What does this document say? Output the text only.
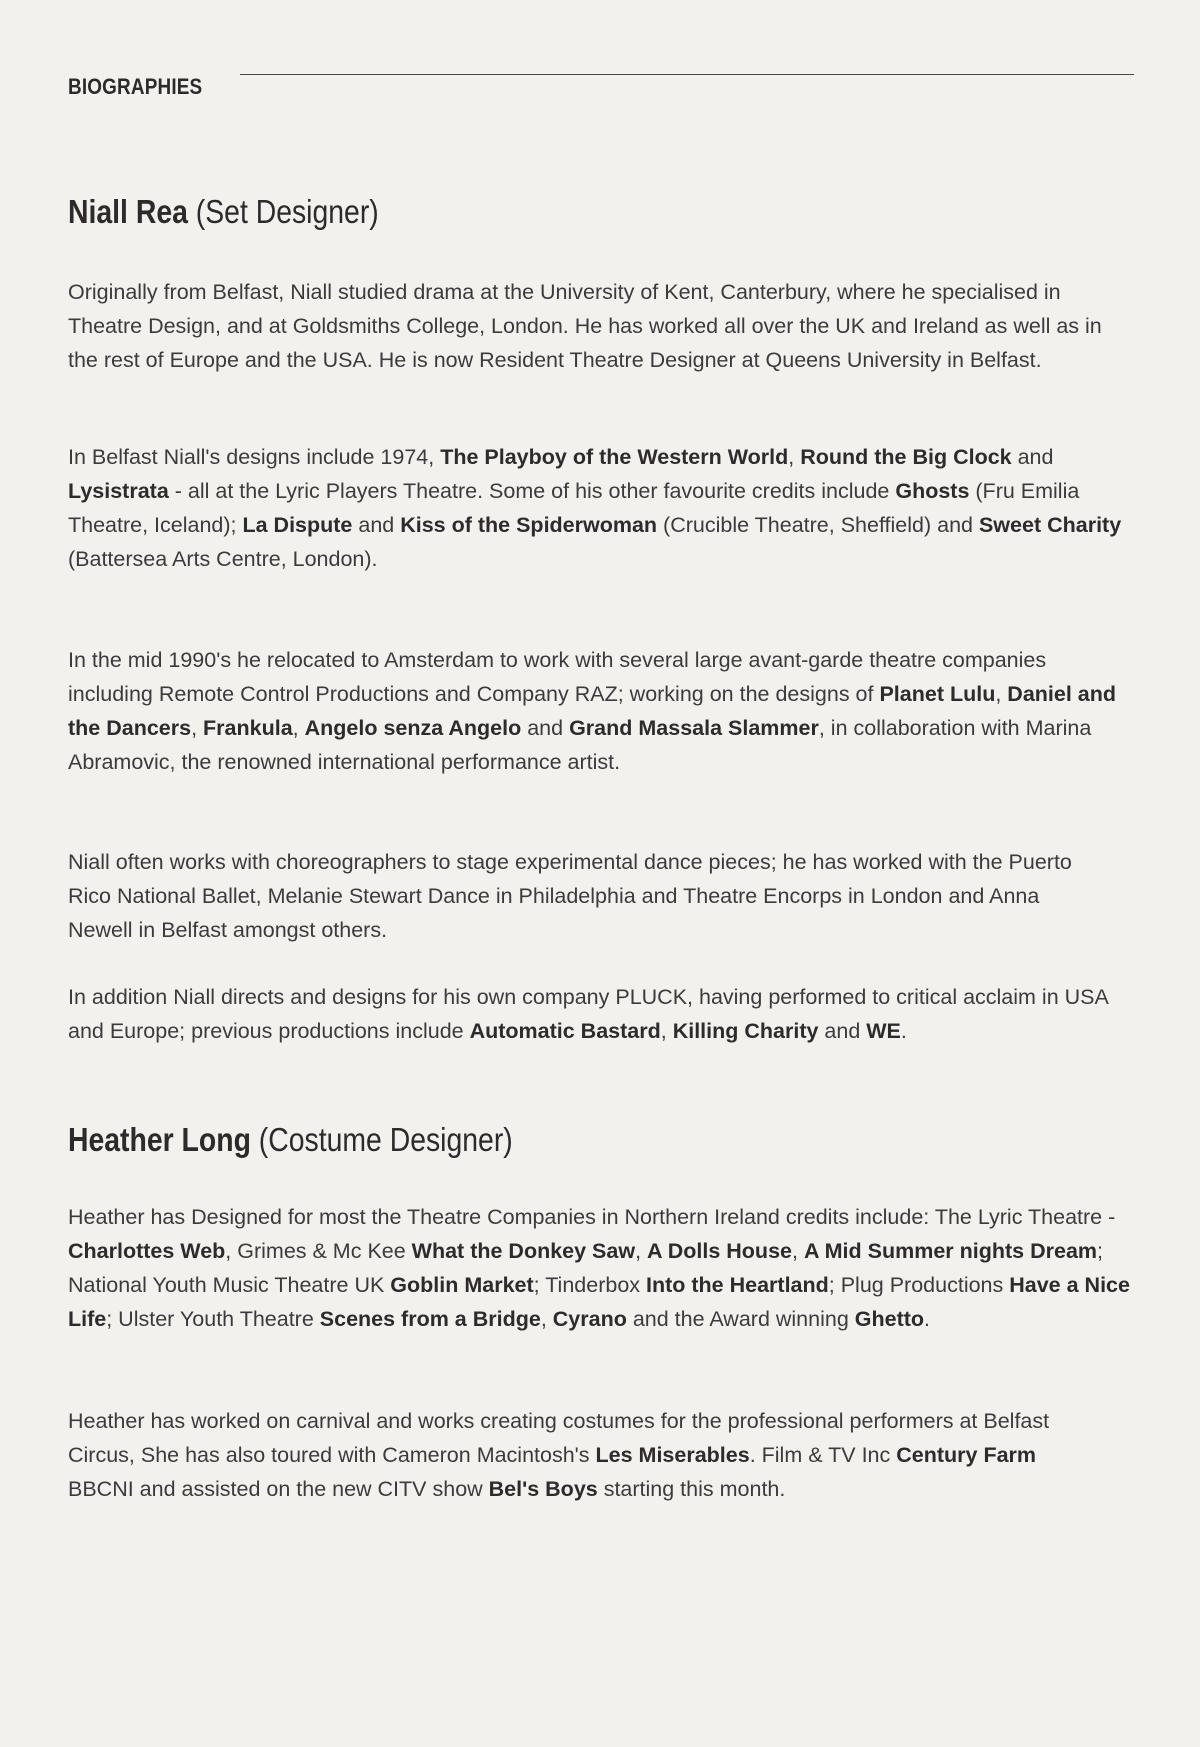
BIOGRAPHIES
Niall Rea (Set Designer)

Originally from Belfast, Niall studied drama at the University of Kent, Canterbury, where he specialised in Theatre Design, and at Goldsmiths College, London. He has worked all over the UK and Ireland as well as in the rest of Europe and the USA. He is now Resident Theatre Designer at Queens University in Belfast.

In Belfast Niall's designs include 1974, The Playboy of the Western World, Round the Big Clock and Lysistrata - all at the Lyric Players Theatre. Some of his other favourite credits include Ghosts (Fru Emilia Theatre, Iceland); La Dispute and Kiss of the Spiderwoman (Crucible Theatre, Sheffield) and Sweet Charity (Battersea Arts Centre, London).

In the mid 1990's he relocated to Amsterdam to work with several large avant-garde theatre companies including Remote Control Productions and Company RAZ; working on the designs of Planet Lulu, Daniel and the Dancers, Frankula, Angelo senza Angelo and Grand Massala Slammer, in collaboration with Marina Abramovic, the renowned international performance artist.

Niall often works with choreographers to stage experimental dance pieces; he has worked with the Puerto Rico National Ballet, Melanie Stewart Dance in Philadelphia and Theatre Encorps in London and Anna Newell in Belfast amongst others.

In addition Niall directs and designs for his own company PLUCK, having performed to critical acclaim in USA and Europe; previous productions include Automatic Bastard, Killing Charity and WE.

Heather Long (Costume Designer)

Heather has Designed for most the Theatre Companies in Northern Ireland credits include: The Lyric Theatre - Charlottes Web, Grimes & Mc Kee What the Donkey Saw, A Dolls House, A Mid Summer nights Dream; National Youth Music Theatre UK Goblin Market; Tinderbox Into the Heartland; Plug Productions Have a Nice Life; Ulster Youth Theatre Scenes from a Bridge, Cyrano and the Award winning Ghetto.

Heather has worked on carnival and works creating costumes for the professional performers at Belfast Circus, She has also toured with Cameron Macintosh's Les Miserables. Film & TV Inc Century Farm BBCNI and assisted on the new CITV show Bel's Boys starting this month.
